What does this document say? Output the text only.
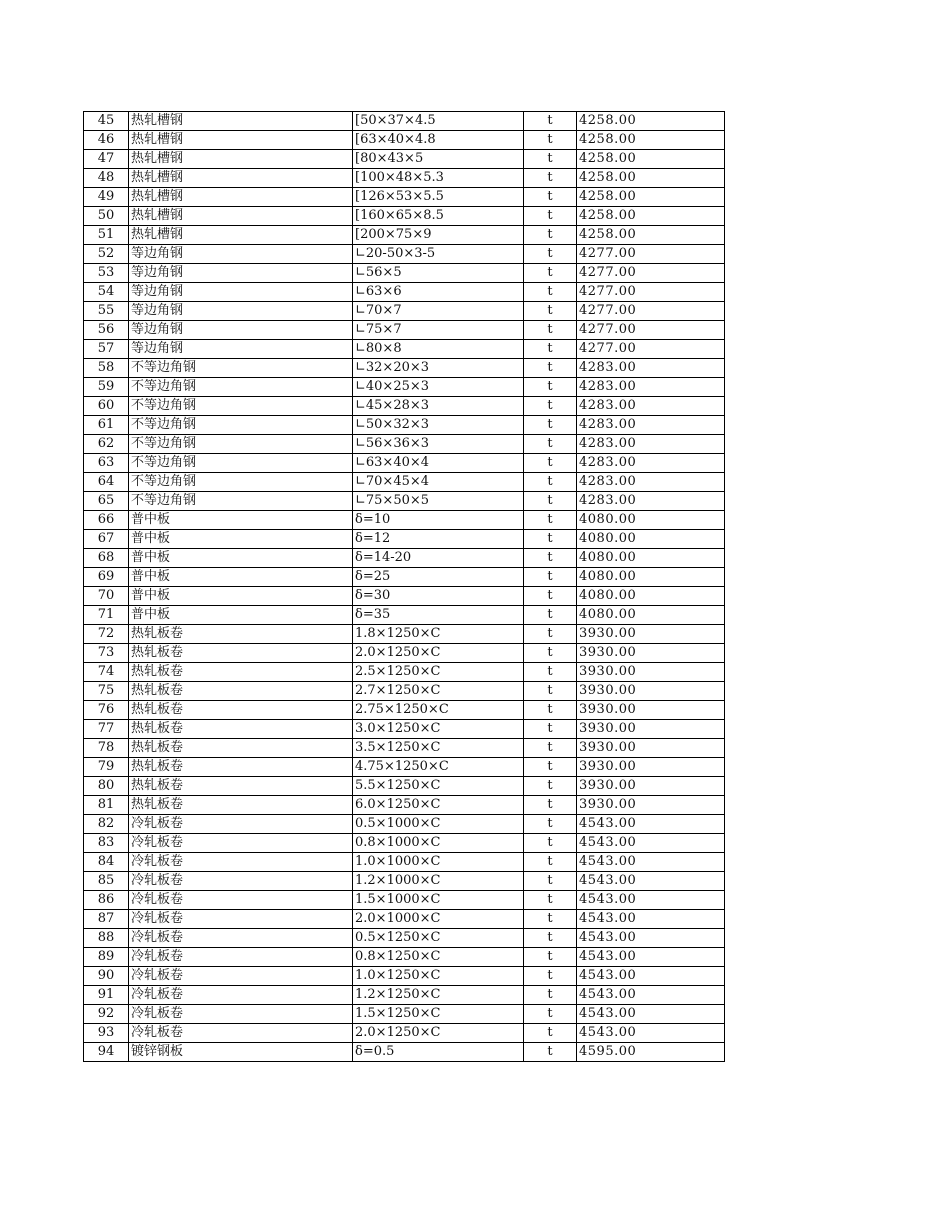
45	热轧槽钢	[50×37×4.5	t	4258.00
46	热轧槽钢	[63×40×4.8	t	4258.00
47	热轧槽钢	[80×43×5	t	4258.00
48	热轧槽钢	[100×48×5.3	t	4258.00
49	热轧槽钢	[126×53×5.5	t	4258.00
50	热轧槽钢	[160×65×8.5	t	4258.00
51	热轧槽钢	[200×75×9	t	4258.00
52	等边角钢	∟20-50×3-5	t	4277.00
53	等边角钢	∟56×5	t	4277.00
54	等边角钢	∟63×6	t	4277.00
55	等边角钢	∟70×7	t	4277.00
56	等边角钢	∟75×7	t	4277.00
57	等边角钢	∟80×8	t	4277.00
58	不等边角钢	∟32×20×3	t	4283.00
59	不等边角钢	∟40×25×3	t	4283.00
60	不等边角钢	∟45×28×3	t	4283.00
61	不等边角钢	∟50×32×3	t	4283.00
62	不等边角钢	∟56×36×3	t	4283.00
63	不等边角钢	∟63×40×4	t	4283.00
64	不等边角钢	∟70×45×4	t	4283.00
65	不等边角钢	∟75×50×5	t	4283.00
66	普中板	δ=10	t	4080.00
67	普中板	δ=12	t	4080.00
68	普中板	δ=14-20	t	4080.00
69	普中板	δ=25	t	4080.00
70	普中板	δ=30	t	4080.00
71	普中板	δ=35	t	4080.00
72	热轧板卷	1.8×1250×C	t	3930.00
73	热轧板卷	2.0×1250×C	t	3930.00
74	热轧板卷	2.5×1250×C	t	3930.00
75	热轧板卷	2.7×1250×C	t	3930.00
76	热轧板卷	2.75×1250×C	t	3930.00
77	热轧板卷	3.0×1250×C	t	3930.00
78	热轧板卷	3.5×1250×C	t	3930.00
79	热轧板卷	4.75×1250×C	t	3930.00
80	热轧板卷	5.5×1250×C	t	3930.00
81	热轧板卷	6.0×1250×C	t	3930.00
82	冷轧板卷	0.5×1000×C	t	4543.00
83	冷轧板卷	0.8×1000×C	t	4543.00
84	冷轧板卷	1.0×1000×C	t	4543.00
85	冷轧板卷	1.2×1000×C	t	4543.00
86	冷轧板卷	1.5×1000×C	t	4543.00
87	冷轧板卷	2.0×1000×C	t	4543.00
88	冷轧板卷	0.5×1250×C	t	4543.00
89	冷轧板卷	0.8×1250×C	t	4543.00
90	冷轧板卷	1.0×1250×C	t	4543.00
91	冷轧板卷	1.2×1250×C	t	4543.00
92	冷轧板卷	1.5×1250×C	t	4543.00
93	冷轧板卷	2.0×1250×C	t	4543.00
94	镀锌钢板	δ=0.5	t	4595.00
